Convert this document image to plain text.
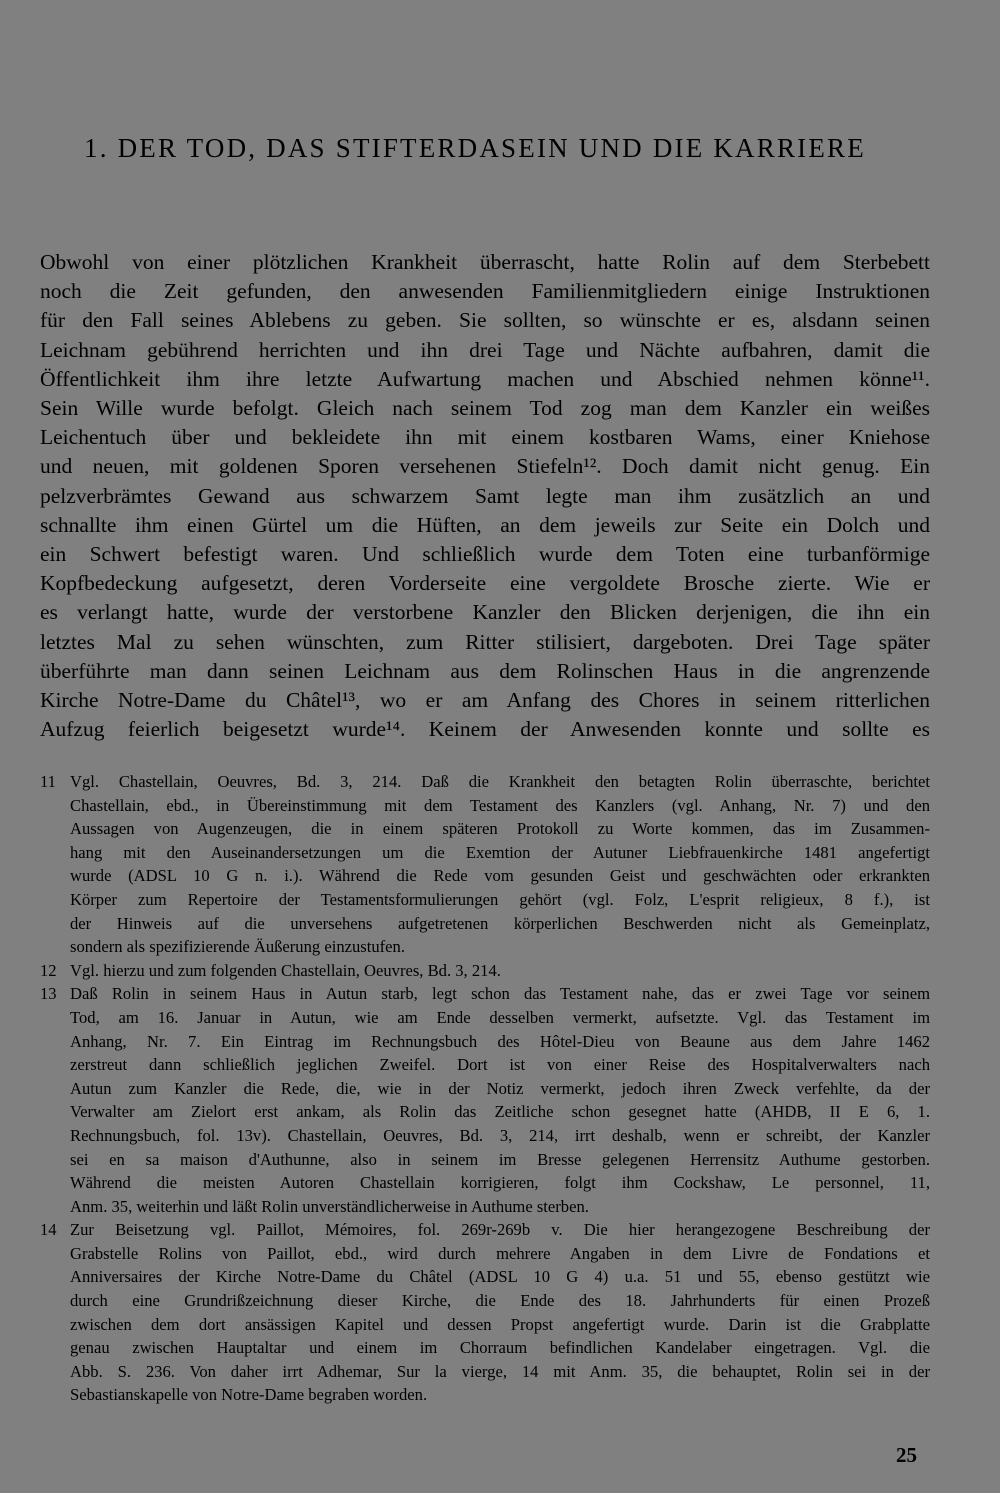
1. DER TOD, DAS STIFTERDASEIN UND DIE KARRIERE
Obwohl von einer plötzlichen Krankheit überrascht, hatte Rolin auf dem Sterbebett
noch die Zeit gefunden, den anwesenden Familienmitgliedern einige Instruktionen
für den Fall seines Ablebens zu geben. Sie sollten, so wünschte er es, alsdann seinen
Leichnam gebührend herrichten und ihn drei Tage und Nächte aufbahren, damit die
Öffentlichkeit ihm ihre letzte Aufwartung machen und Abschied nehmen könne¹¹.
Sein Wille wurde befolgt. Gleich nach seinem Tod zog man dem Kanzler ein weißes
Leichentuch über und bekleidete ihn mit einem kostbaren Wams, einer Kniehose
und neuen, mit goldenen Sporen versehenen Stiefeln¹². Doch damit nicht genug. Ein
pelzverbrämtes Gewand aus schwarzem Samt legte man ihm zusätzlich an und
schnallte ihm einen Gürtel um die Hüften, an dem jeweils zur Seite ein Dolch und
ein Schwert befestigt waren. Und schließlich wurde dem Toten eine turbanförmige
Kopfbedeckung aufgesetzt, deren Vorderseite eine vergoldete Brosche zierte. Wie er
es verlangt hatte, wurde der verstorbene Kanzler den Blicken derjenigen, die ihn ein
letztes Mal zu sehen wünschten, zum Ritter stilisiert, dargeboten. Drei Tage später
überführte man dann seinen Leichnam aus dem Rolinschen Haus in die angrenzende
Kirche Notre-Dame du Châtel¹³, wo er am Anfang des Chores in seinem ritterlichen
Aufzug feierlich beigesetzt wurde¹⁴. Keinem der Anwesenden konnte und sollte es
11 Vgl. Chastellain, Oeuvres, Bd. 3, 214. Daß die Krankheit den betagten Rolin überraschte, berichtet
Chastellain, ebd., in Übereinstimmung mit dem Testament des Kanzlers (vgl. Anhang, Nr. 7) und den
Aussagen von Augenzeugen, die in einem späteren Protokoll zu Worte kommen, das im Zusammen-
hang mit den Auseinandersetzungen um die Exemtion der Autuner Liebfrauenkirche 1481 angefertigt
wurde (ADSL 10 G n. i.). Während die Rede vom gesunden Geist und geschwächten oder erkrankten
Körper zum Repertoire der Testamentsformulierungen gehört (vgl. Folz, L'esprit religieux, 8 f.), ist
der Hinweis auf die unversehens aufgetretenen körperlichen Beschwerden nicht als Gemeinplatz,
sondern als spezifizierende Äußerung einzustufen.
12 Vgl. hierzu und zum folgenden Chastellain, Oeuvres, Bd. 3, 214.
13 Daß Rolin in seinem Haus in Autun starb, legt schon das Testament nahe, das er zwei Tage vor seinem
Tod, am 16. Januar in Autun, wie am Ende desselben vermerkt, aufsetzte. Vgl. das Testament im
Anhang, Nr. 7. Ein Eintrag im Rechnungsbuch des Hôtel-Dieu von Beaune aus dem Jahre 1462
zerstreut dann schließlich jeglichen Zweifel. Dort ist von einer Reise des Hospitalverwalters nach
Autun zum Kanzler die Rede, die, wie in der Notiz vermerkt, jedoch ihren Zweck verfehlte, da der
Verwalter am Zielort erst ankam, als Rolin das Zeitliche schon gesegnet hatte (AHDB, II E 6, 1.
Rechnungsbuch, fol. 13v). Chastellain, Oeuvres, Bd. 3, 214, irrt deshalb, wenn er schreibt, der Kanzler
sei en sa maison d'Authunne, also in seinem im Bresse gelegenen Herrensitz Authume gestorben.
Während die meisten Autoren Chastellain korrigieren, folgt ihm Cockshaw, Le personnel, 11,
Anm. 35, weiterhin und läßt Rolin unverständlicherweise in Authume sterben.
14 Zur Beisetzung vgl. Paillot, Mémoires, fol. 269r-269b v. Die hier herangezogene Beschreibung der
Grabstelle Rolins von Paillot, ebd., wird durch mehrere Angaben in dem Livre de Fondations et
Anniversaires der Kirche Notre-Dame du Châtel (ADSL 10 G 4) u.a. 51 und 55, ebenso gestützt wie
durch eine Grundrißzeichnung dieser Kirche, die Ende des 18. Jahrhunderts für einen Prozeß
zwischen dem dort ansässigen Kapitel und dessen Propst angefertigt wurde. Darin ist die Grabplatte
genau zwischen Hauptaltar und einem im Chorraum befindlichen Kandelaber eingetragen. Vgl. die
Abb. S. 236. Von daher irrt Adhemar, Sur la vierge, 14 mit Anm. 35, die behauptet, Rolin sei in der
Sebastianskapelle von Notre-Dame begraben worden.
25
